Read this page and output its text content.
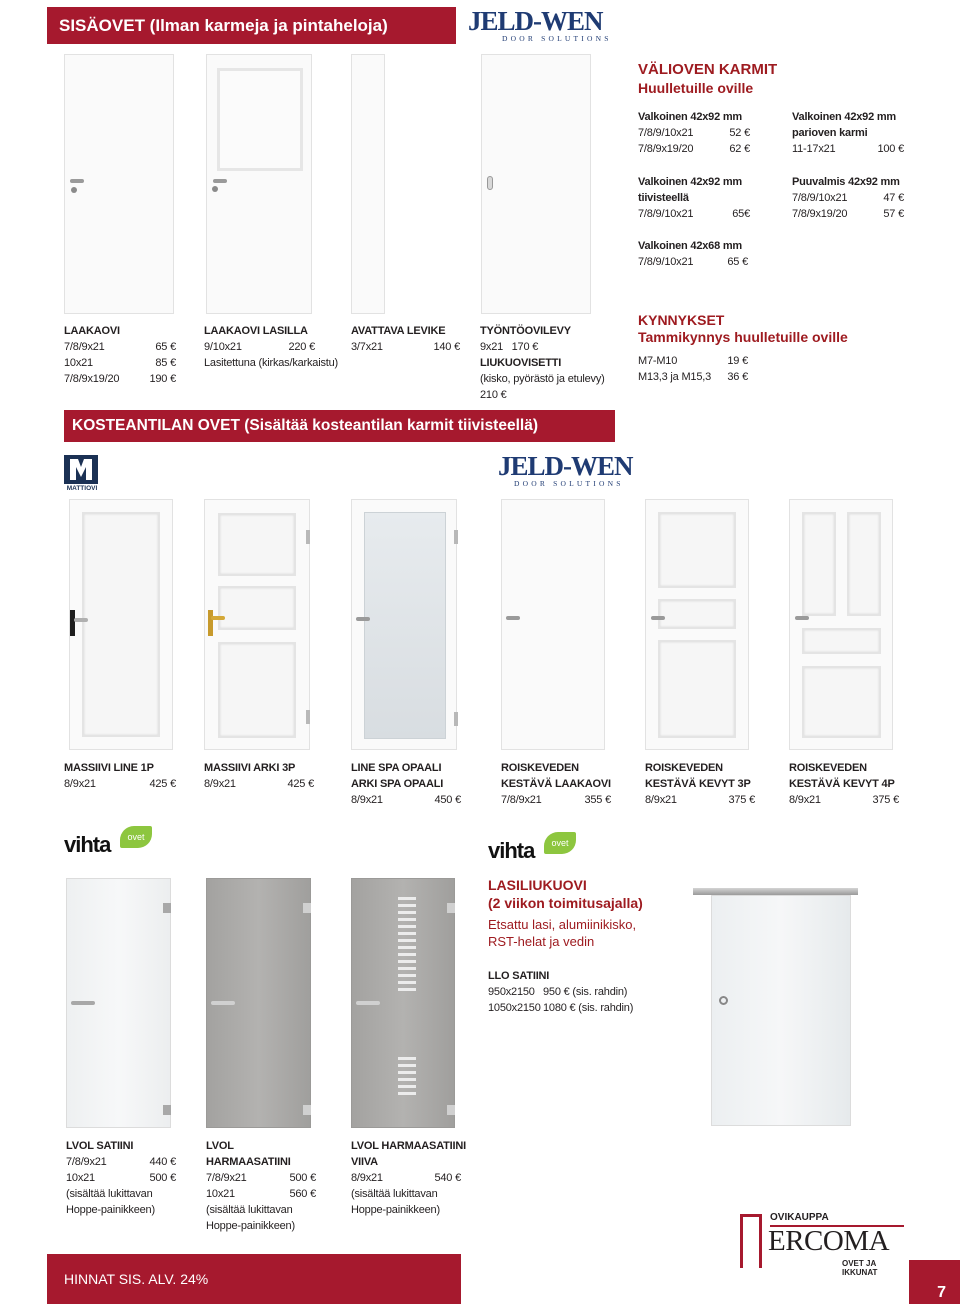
SISÄOVET (Ilman karmeja ja pintaheloja)	JELD-WEN
DOOR SOLUTIONS
LAAKAOVI
7/8/9x21	65 €
10x21	85 €
7/8/9x19/20	190 €
LAAKAOVI LASILLA
9/10x21	220 €
Lasitettuna (kirkas/karkaistu)
AVATTAVA LEVIKE
3/7x21	140 €
TYÖNTÖOVILEVY
9x21 170 €
LIUKUOVISETTI
(kisko, pyörästö ja etulevy)
210 €
VÄLIOVEN KARMIT
Huulletuille oville
Valkoinen 42x92 mm
7/8/9/10x21	52 €
7/8/9x19/20	62 €
Valkoinen 42x92 mm
parioven karmi
11-17x21	100 €
Valkoinen 42x92 mm
tiivisteellä
7/8/9/10x21	65€
Puuvalmis 42x92 mm
7/8/9/10x21	47 €
7/8/9x19/20	57 €
Valkoinen 42x68 mm
7/8/9/10x21	65 €
KYNNYKSET
Tammikynnys huulletuille oville
M7-M10	19 €
M13,3 ja M15,3 36 €
KOSTEANTILAN OVET (Sisältää kosteantilan karmit tiivisteellä)
MATTIOVI
JELD-WEN
DOOR SOLUTIONS
MASSIIVI LINE 1P
8/9x21	425 €
MASSIIVI ARKI 3P
8/9x21	425 €
LINE SPA OPAALI
ARKI SPA OPAALI
8/9x21	450 €
ROISKEVEDEN
KESTÄVÄ LAAKAOVI
7/8/9x21	355 €
ROISKEVEDEN
KESTÄVÄ KEVYT 3P
8/9x21	375 €
ROISKEVEDEN
KESTÄVÄ KEVYT 4P
8/9x21	375 €
vihta	ovet
vihta	ovet
LASILIUKUOVI
(2 viikon toimitusajalla)
Etsattu lasi, alumiinikisko,
RST-helat ja vedin
LLO SATIINI
950x2150 950 € (sis. rahdin)
1050x2150 1080 € (sis. rahdin)
LVOL SATIINI
7/8/9x21	440 €
10x21	500 €
(sisältää lukittavan
Hoppe-painikkeen)
LVOL HARMAASATIINI
7/8/9x21	500 €
10x21	560 €
(sisältää lukittavan
Hoppe-painikkeen)
LVOL HARMAASATIINI VIIVA
8/9x21	540 €
(sisältää lukittavan
Hoppe-painikkeen)
HINNAT SIS. ALV. 24%
OVIKAUPPA
ERCOMA
OVET JA IKKUNAT
7
